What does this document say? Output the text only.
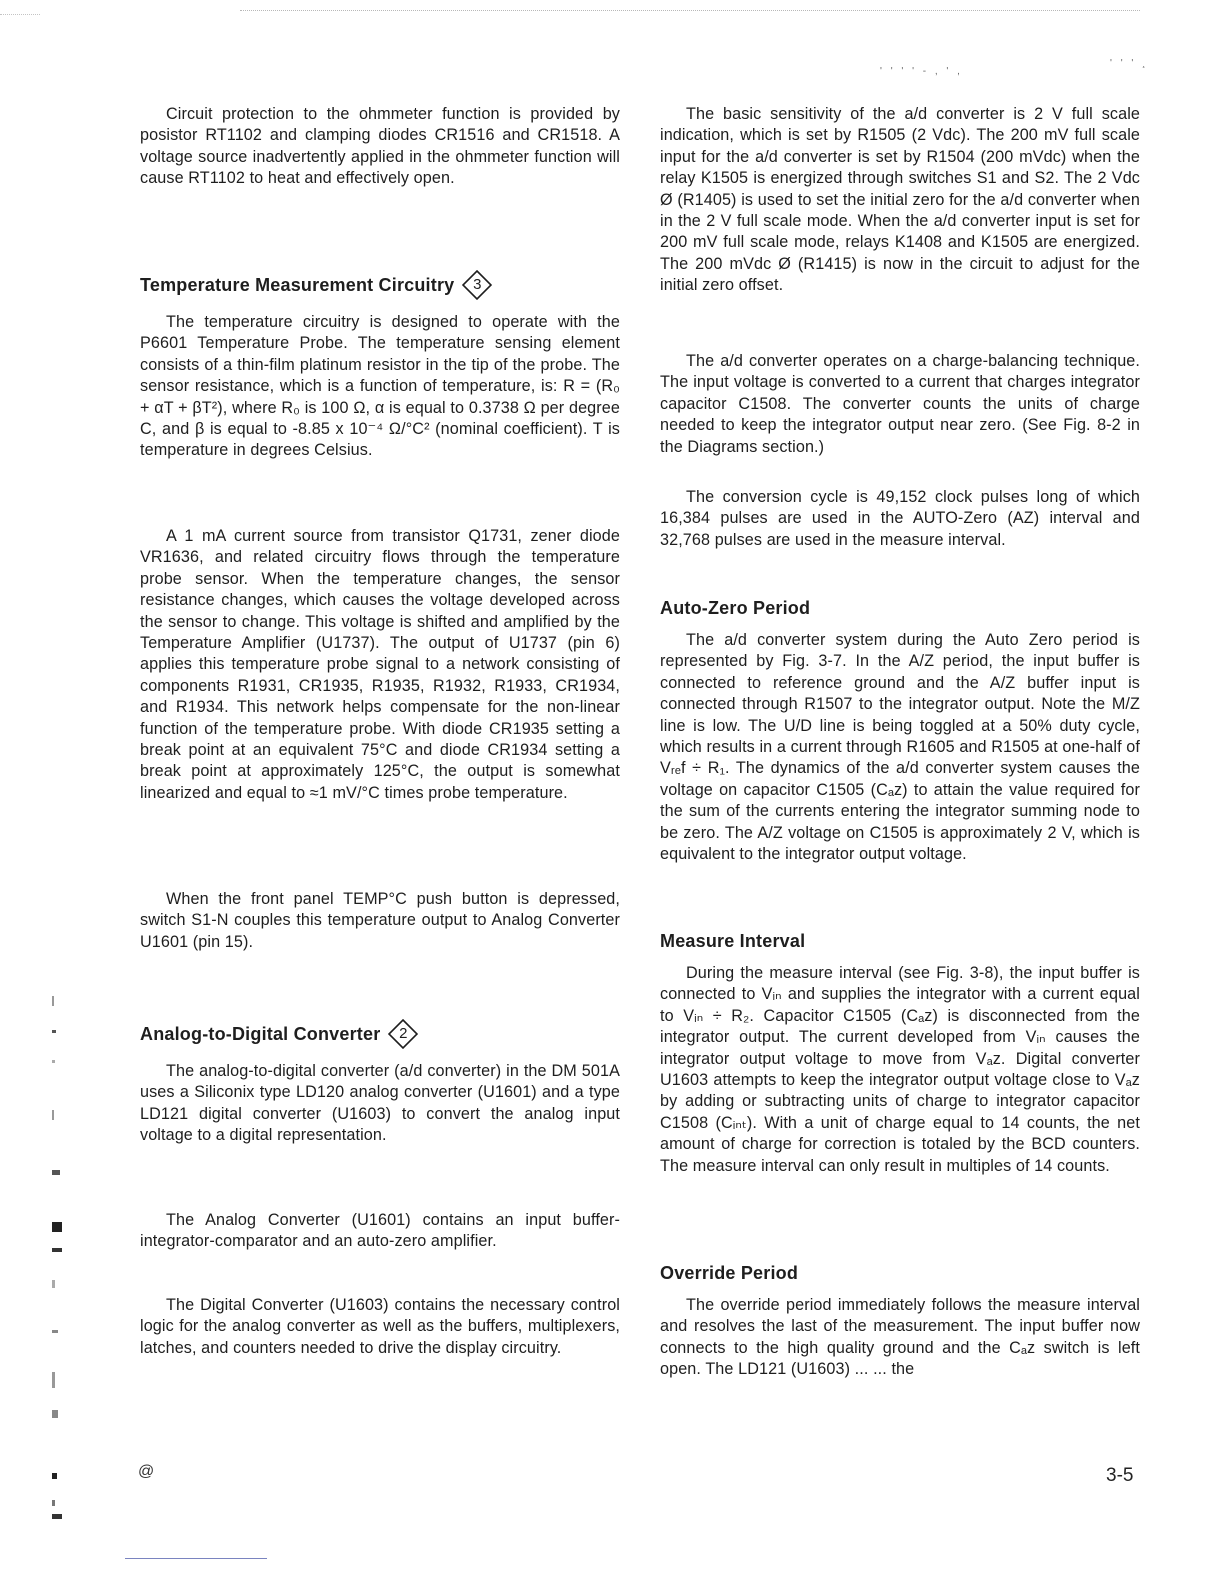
' ' ' ' - , ' ,
' ' ' ¸

Circuit protection to the ohmmeter function is provided by posistor RT1102 and clamping diodes CR1516 and CR1518. A voltage source inadvertently applied in the ohmmeter function will cause RT1102 to heat and effectively open.

Temperature Measurement Circuitry	3

The temperature circuitry is designed to operate with the P6601 Temperature Probe. The temperature sensing element consists of a thin-film platinum resistor in the tip of the probe. The sensor resistance, which is a function of temperature, is: R = (R₀ + αT + βT²), where R₀ is 100 Ω, α is equal to 0.3738 Ω per degree C, and β is equal to -8.85 x 10⁻⁴ Ω/°C² (nominal coefficient). T is temperature in degrees Celsius.

A 1 mA current source from transistor Q1731, zener diode VR1636, and related circuitry flows through the temperature probe sensor. When the temperature changes, the sensor resistance changes, which causes the voltage developed across the sensor to change. This voltage is shifted and amplified by the Temperature Amplifier (U1737). The output of U1737 (pin 6) applies this temperature probe signal to a network consisting of components R1931, CR1935, R1935, R1932, R1933, CR1934, and R1934. This network helps compensate for the non-linear function of the temperature probe. With diode CR1935 setting a break point at an equivalent 75°C and diode CR1934 setting a break point at approximately 125°C, the output is somewhat linearized and equal to ≈1 mV/°C times probe temperature.

When the front panel TEMP°C push button is depressed, switch S1-N couples this temperature output to Analog Converter U1601 (pin 15).

Analog-to-Digital Converter	2

The analog-to-digital converter (a/d converter) in the DM 501A uses a Siliconix type LD120 analog converter (U1601) and a type LD121 digital converter (U1603) to convert the analog input voltage to a digital representation.

The Analog Converter (U1601) contains an input buffer-integrator-comparator and an auto-zero amplifier.

The Digital Converter (U1603) contains the necessary control logic for the analog converter as well as the buffers, multiplexers, latches, and counters needed to drive the display circuitry.

The basic sensitivity of the a/d converter is 2 V full scale indication, which is set by R1505 (2 Vdc). The 200 mV full scale input for the a/d converter is set by R1504 (200 mVdc) when the relay K1505 is energized through switches S1 and S2. The 2 Vdc Ø (R1405) is used to set the initial zero for the a/d converter when in the 2 V full scale mode. When the a/d converter input is set for 200 mV full scale mode, relays K1408 and K1505 are energized. The 200 mVdc Ø (R1415) is now in the circuit to adjust for the initial zero offset.

The a/d converter operates on a charge-balancing technique. The input voltage is converted to a current that charges integrator capacitor C1508. The converter counts the units of charge needed to keep the integrator output near zero. (See Fig. 8-2 in the Diagrams section.)

The conversion cycle is 49,152 clock pulses long of which 16,384 pulses are used in the AUTO-Zero (AZ) interval and 32,768 pulses are used in the measure interval.

Auto-Zero Period

The a/d converter system during the Auto Zero period is represented by Fig. 3-7. In the A/Z period, the input buffer is connected to reference ground and the A/Z buffer input is connected through R1507 to the integrator output. Note the M/Z line is low. The U/D line is being toggled at a 50% duty cycle, which results in a current through R1605 and R1505 at one-half of Vᵣₑf ÷ R₁. The dynamics of the a/d converter system causes the voltage on capacitor C1505 (Cₐz) to attain the value required for the sum of the currents entering the integrator summing node to be zero. The A/Z voltage on C1505 is approximately 2 V, which is equivalent to the integrator output voltage.

Measure Interval

During the measure interval (see Fig. 3-8), the input buffer is connected to Vᵢₙ and supplies the integrator with a current equal to Vᵢₙ ÷ R₂. Capacitor C1505 (Cₐz) is disconnected from the integrator output. The current developed from Vᵢₙ causes the integrator output voltage to move from Vₐz. Digital converter U1603 attempts to keep the integrator output voltage close to Vₐz by adding or subtracting units of charge to integrator capacitor C1508 (Cᵢₙₜ). With a unit of charge equal to 14 counts, the net amount of charge for correction is totaled by the BCD counters. The measure interval can only result in multiples of 14 counts.

Override Period

The override period immediately follows the measure interval and resolves the last of the measurement. The input buffer now connects to the high quality ground and the Cₐz switch is left open. The LD121 (U1603) ... ... the

@	3-5
